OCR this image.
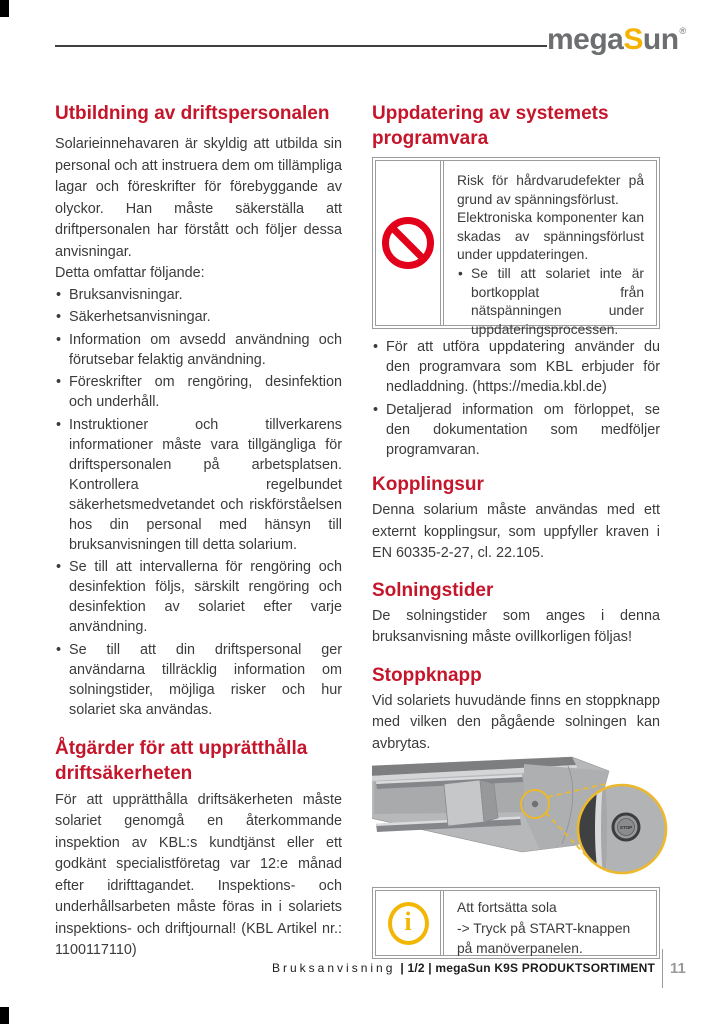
megaSun®
Utbildning av driftspersonalen

Solarieinnehavaren är skyldig att utbilda sin personal och att instruera dem om tillämpliga lagar och föreskrifter för förebyggande av olyckor. Han måste säkerställa att driftpersonalen har förstått och följer dessa anvisningar.

Detta omfattar följande:

• Bruksanvisningar.
• Säkerhetsanvisningar.
• Information om avsedd användning och förutsebar felaktig användning.
• Föreskrifter om rengöring, desinfektion och underhåll.
• Instruktioner och tillverkarens informationer måste vara tillgängliga för driftspersonalen på arbetsplatsen. Kontrollera regelbundet säkerhetsmedvetandet och riskförståelsen hos din personal med hänsyn till bruksanvisningen till detta solarium.
• Se till att intervallerna för rengöring och desinfektion följs, särskilt rengöring och desinfektion av solariet efter varje användning.
• Se till att din driftspersonal ger användarna tillräcklig information om solningstider, möjliga risker och hur solariet ska användas.
Åtgärder för att upprätthålla driftsäkerheten

För att upprätthålla driftsäkerheten måste solariet genomgå en återkommande inspektion av KBL:s kundtjänst eller ett godkänt specialistföretag var 12:e månad efter idrifttagandet. Inspektions- och underhållsarbeten måste föras in i solariets inspektions- och driftjournal! (KBL Artikel nr.: 1100117110)

Uppdatering av systemets programvara

Risk för hårdvarudefekter på grund av spänningsförlust.

Elektroniska komponenter kan skadas av spänningsförlust under uppdateringen.

• Se till att solariet inte är bortkopplat från nätspänningen under uppdateringsprocessen.
• För att utföra uppdatering använder du den programvara som KBL erbjuder för nedladdning. (https://media.kbl.de)
• Detaljerad information om förloppet, se den dokumentation som medföljer programvaran.
Kopplingsur

Denna solarium måste användas med ett externt kopplingsur, som uppfyller kraven i EN 60335-2-27, cl. 22.105.

Solningstider

De solningstider som anges i denna bruksanvisning måste ovillkorligen följas!

Stoppknapp

Vid solariets huvudände finns en stoppknapp med vilken den pågående solningen kan avbrytas.

STOP
i	Att fortsätta sola

-> Tryck på START-knappen på manöverpanelen.

Bruksanvisning | 1/2 | megaSun K9S PRODUKTSORTIMENT 11
